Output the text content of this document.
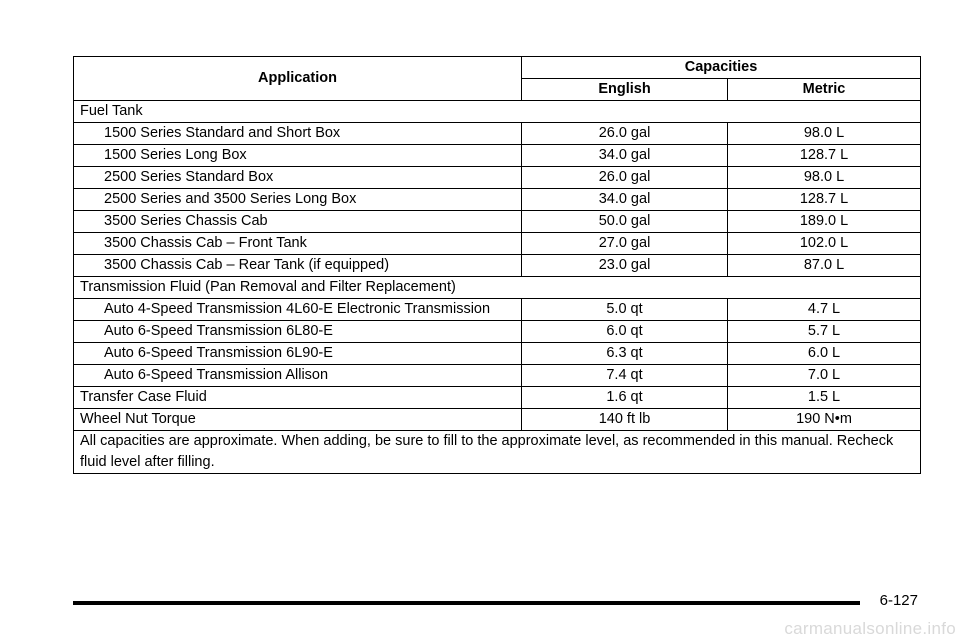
Application	Capacities	
	English	Metric
Fuel Tank		
1500 Series Standard and Short Box	26.0 gal	98.0 L
1500 Series Long Box	34.0 gal	128.7 L
2500 Series Standard Box	26.0 gal	98.0 L
2500 Series and 3500 Series Long Box	34.0 gal	128.7 L
3500 Series Chassis Cab	50.0 gal	189.0 L
3500 Chassis Cab – Front Tank	27.0 gal	102.0 L
3500 Chassis Cab – Rear Tank (if equipped)	23.0 gal	87.0 L
Transmission Fluid (Pan Removal and Filter Replacement)		
Auto 4-Speed Transmission 4L60-E Electronic Transmission	5.0 qt	4.7 L
Auto 6-Speed Transmission 6L80-E	6.0 qt	5.7 L
Auto 6-Speed Transmission 6L90-E	6.3 qt	6.0 L
Auto 6-Speed Transmission Allison	7.4 qt	7.0 L
Transfer Case Fluid	1.6 qt	1.5 L
Wheel Nut Torque	140 ft lb	190 N•m
All capacities are approximate. When adding, be sure to fill to the approximate level, as recommended in this manual. Recheck fluid level after filling.		
6-127
carmanualsonline.info
